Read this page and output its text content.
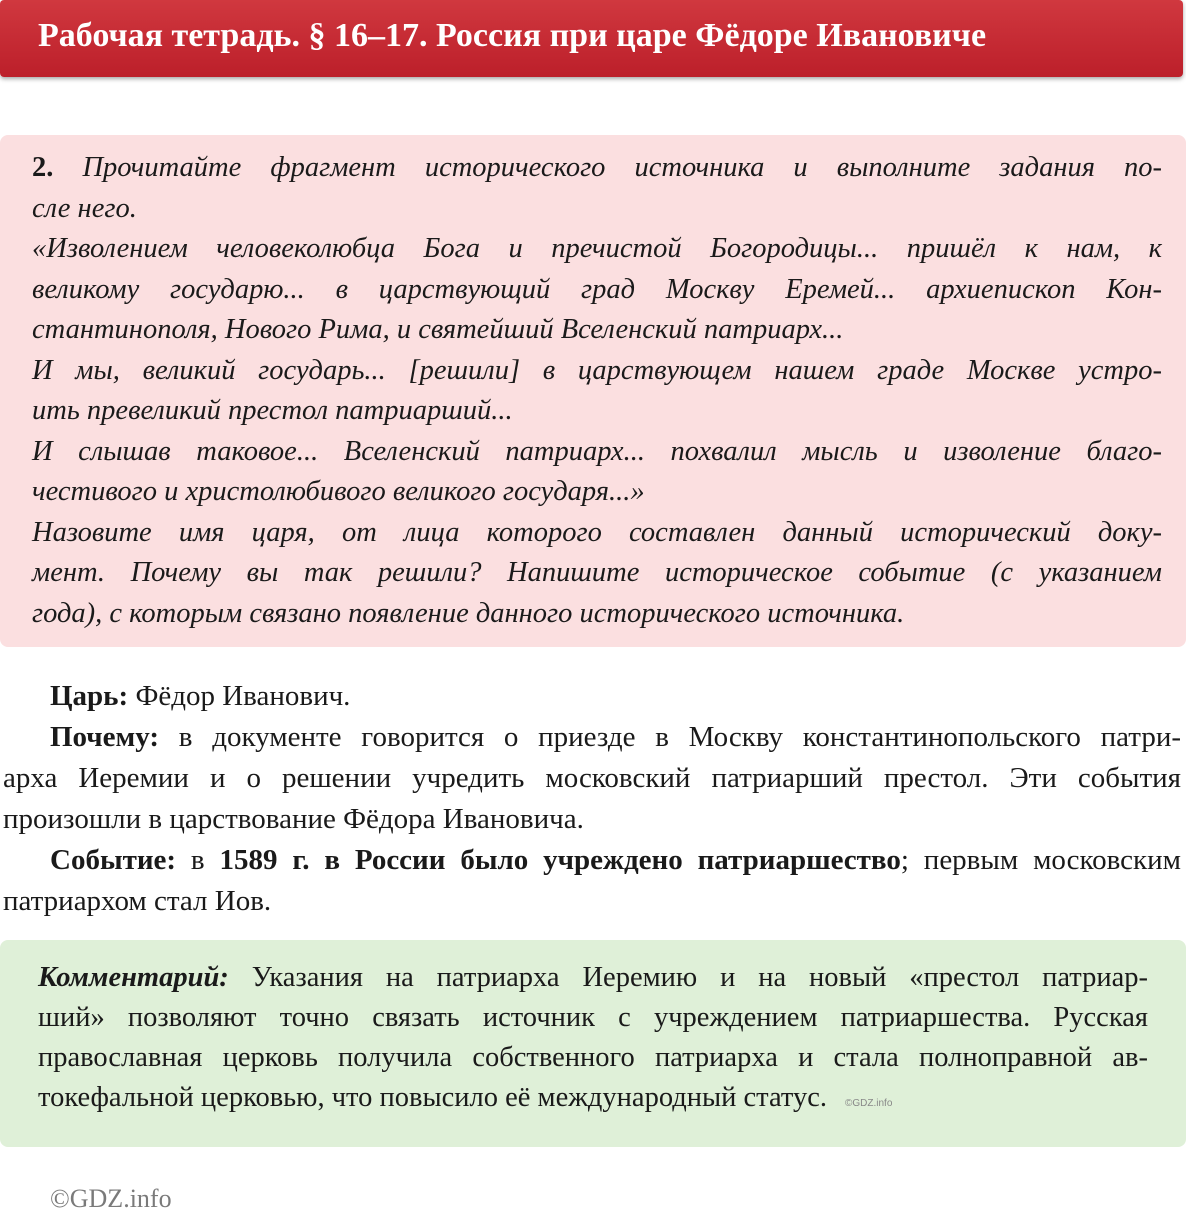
Рабочая тетрадь. § 16–17. Россия при царе Фёдоре Ивановиче
2. Прочитайте фрагмент исторического источника и выполните задания по-
сле него.
«Изволением человеколюбца Бога и пречистой Богородицы... пришёл к нам, к
великому государю... в царствующий град Москву Еремей... архиепископ Кон-
стантинополя, Нового Рима, и святейший Вселенский патриарх...
И мы, великий государь... [решили] в царствующем нашем граде Москве устро-
ить превеликий престол патриарший...
И слышав таковое... Вселенский патриарх... похвалил мысль и изволение благо-
честивого и христолюбивого великого государя...»
Назовите имя царя, от лица которого составлен данный исторический доку-
мент. Почему вы так решили? Напишите историческое событие (с указанием
года), с которым связано появление данного исторического источника.
Царь: Фёдор Иванович.
Почему: в документе говорится о приезде в Москву константинопольского патри-
арха Иеремии и о решении учредить московский патриарший престол. Эти события
произошли в царствование Фёдора Ивановича.
Событие: в 1589 г. в России было учреждено патриаршество; первым московским
патриархом стал Иов.
Комментарий: Указания на патриарха Иеремию и на новый «престол патриар-
ший» позволяют точно связать источник с учреждением патриаршества. Русская
православная церковь получила собственного патриарха и стала полноправной ав-
токефальной церковью, что повысило её международный статус. ©GDZ.info
©GDZ.info
